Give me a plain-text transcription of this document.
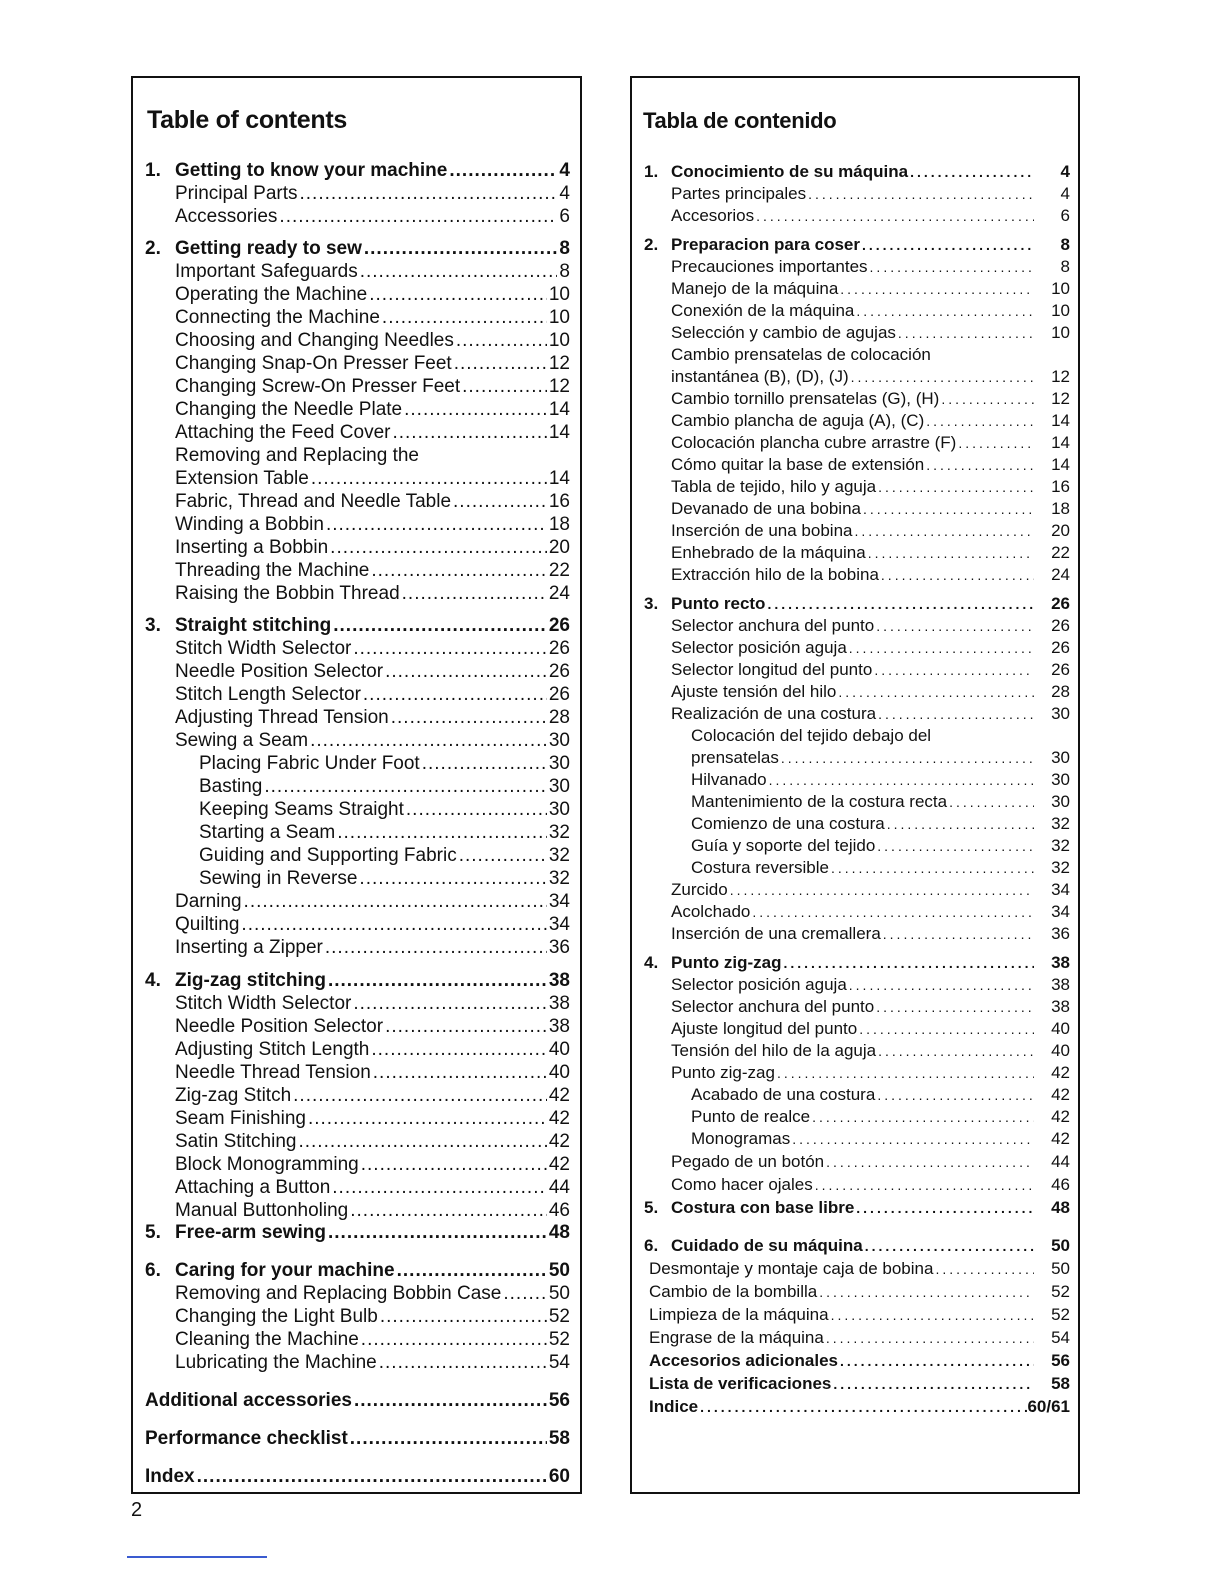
Table of contents
1. Getting to know your machine .....	4
Principal Parts .....	4
Accessories .....	6
2. Getting ready to sew .....	8
Important Safeguards .....	8
Operating the Machine .....	10
Connecting the Machine .....	10
Choosing and Changing Needles .....	10
Changing Snap-On Presser Feet .....	12
Changing Screw-On Presser Feet .....	12
Changing the Needle Plate .....	14
Attaching the Feed Cover .....	14
Removing and Replacing the
Extension Table .....	14
Fabric, Thread and Needle Table .....	16
Winding a Bobbin .....	18
Inserting a Bobbin .....	20
Threading the Machine .....	22
Raising the Bobbin Thread .....	24
3. Straight stitching .....	26
Stitch Width Selector .....	26
Needle Position Selector .....	26
Stitch Length Selector .....	26
Adjusting Thread Tension .....	28
Sewing a Seam .....	30
Placing Fabric Under Foot .....	30
Basting .....	30
Keeping Seams Straight .....	30
Starting a Seam .....	32
Guiding and Supporting Fabric .....	32
Sewing in Reverse .....	32
Darning .....	34
Quilting .....	34
Inserting a Zipper .....	36
4. Zig-zag stitching .....	38
Stitch Width Selector .....	38
Needle Position Selector .....	38
Adjusting Stitch Length .....	40
Needle Thread Tension .....	40
Zig-zag Stitch .....	42
Seam Finishing .....	42
Satin Stitching .....	42
Block Monogramming .....	42
Attaching a Button .....	44
Manual Buttonholing .....	46
5. Free-arm sewing .....	48
6. Caring for your machine .....	50
Removing and Replacing Bobbin Case ..... 50
Changing the Light Bulb .....	52
Cleaning the Machine .....	52
Lubricating the Machine .....	54
Additional accessories .....	56
Performance checklist .....	58
Index .....	60
Tabla de contenido
1. Conocimiento de su máquina .....	4
Partes principales .....	4
Accesorios .....	6
2. Preparacion para coser .....	8
Precauciones importantes .....	8
Manejo de la máquina .....	10
Conexión de la máquina .....	10
Selección y cambio de agujas .....	10
Cambio prensatelas de colocación
instantánea (B), (D), (J) .....	12
Cambio tornillo prensatelas (G), (H) .....	12
Cambio plancha de aguja (A), (C) .....	14
Colocación plancha cubre arrastre (F) .....	14
Cómo quitar la base de extensión .....	14
Tabla de tejido, hilo y aguja .....	16
Devanado de una bobina .....	18
Inserción de una bobina .....	20
Enhebrado de la máquina .....	22
Extracción hilo de la bobina .....	24
3. Punto recto .....	26
Selector anchura del punto .....	26
Selector posición aguja .....	26
Selector longitud del punto .....	26
Ajuste tensión del hilo .....	28
Realización de una costura .....	30
Colocación del tejido debajo del
prensatelas .....	30
Hilvanado .....	30
Mantenimiento de la costura recta .....	30
Comienzo de una costura .....	32
Guía y soporte del tejido .....	32
Costura reversible .....	32
Zurcido .....	34
Acolchado .....	34
Inserción de una cremallera .....	36
4. Punto zig-zag .....	38
Selector posición aguja .....	38
Selector anchura del punto .....	38
Ajuste longitud del punto .....	40
Tensión del hilo de la aguja .....	40
Punto zig-zag .....	42
Acabado de una costura .....	42
Punto de realce .....	42
Monogramas .....	42
Pegado de un botón .....	44
Como hacer ojales .....	46
5. Costura con base libre .....	48
6. Cuidado de su máquina .....	50
Desmontaje y montaje caja de bobina .....	50
Cambio de la bombilla .....	52
Limpieza de la máquina .....	52
Engrase de la máquina .....	54
Accesorios adicionales .....	56
Lista de verificaciones .....	58
Indice .....	60/61

2
